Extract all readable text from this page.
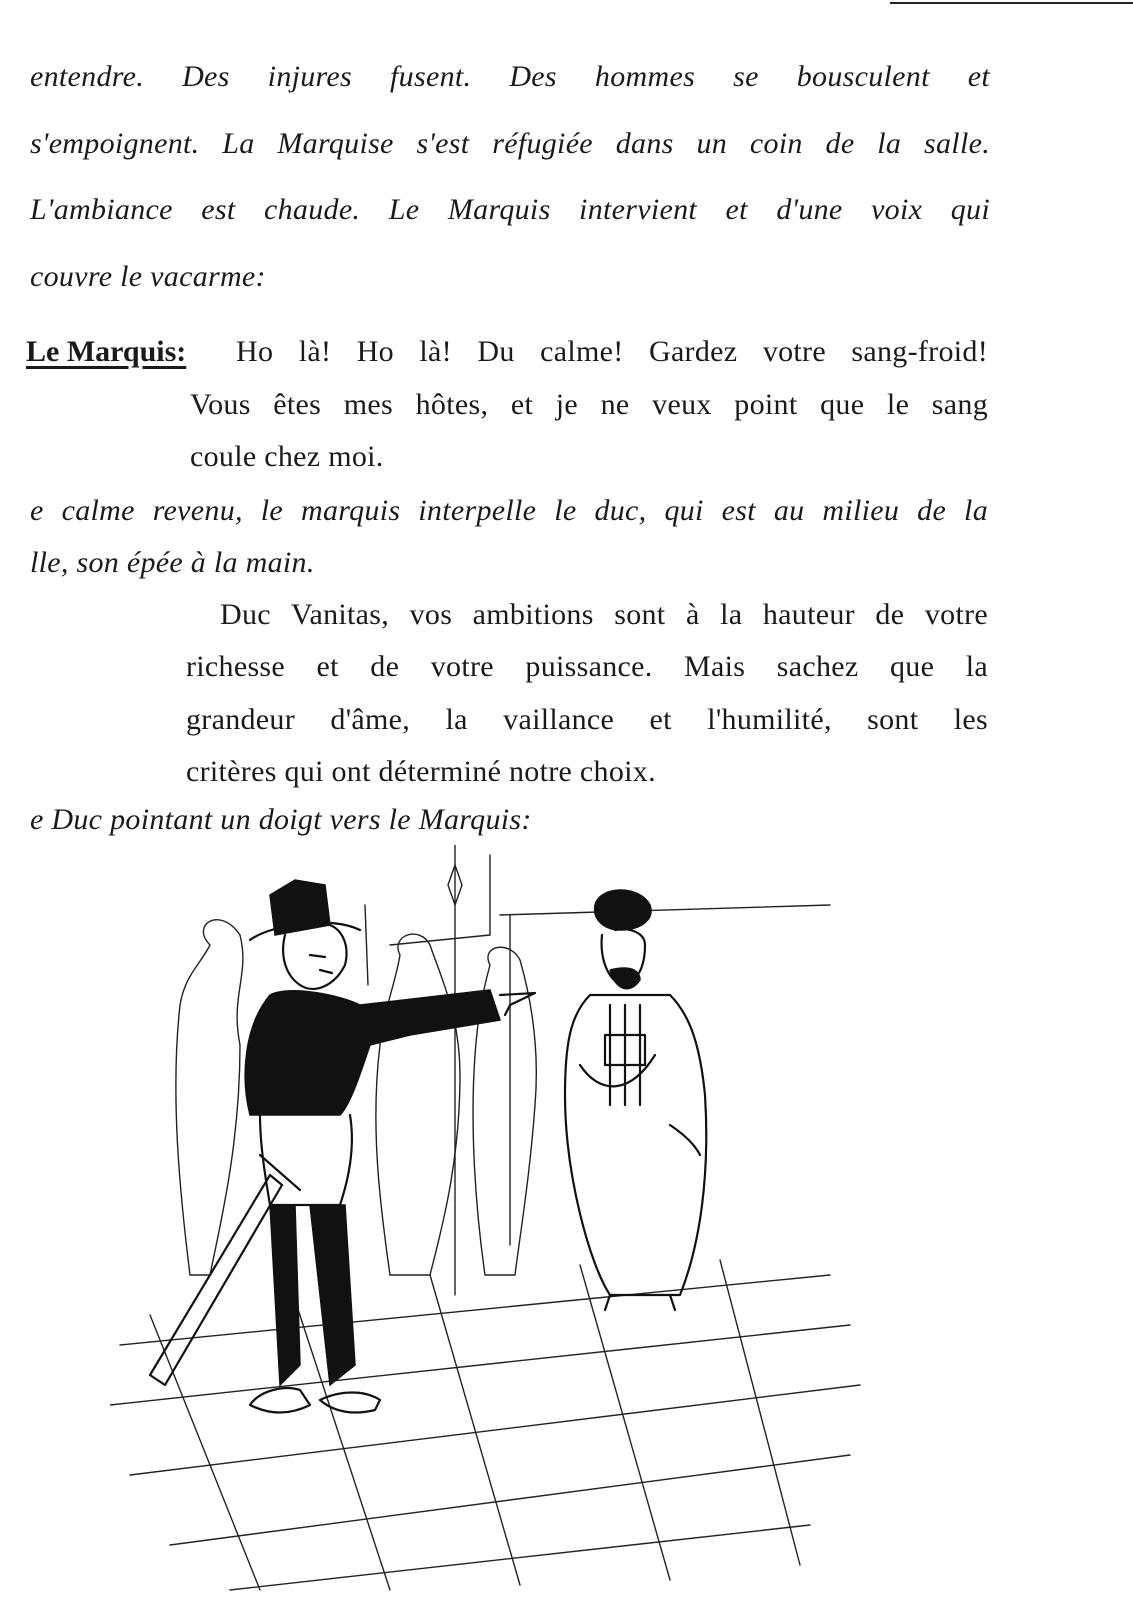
entendre. Des injures fusent. Des hommes se bousculent et

s'empoignent. La Marquise s'est réfugiée dans un coin de la salle.

L'ambiance est chaude. Le Marquis intervient et d'une voix qui

couvre le vacarme:

Le Marquis: Ho là! Ho là! Du calme! Gardez votre sang-froid!

Vous êtes mes hôtes, et je ne veux point que le sang

coule chez moi.

e calme revenu, le marquis interpelle le duc, qui est au milieu de la

lle, son épée à la main.

Duc Vanitas, vos ambitions sont à la hauteur de votre

richesse et de votre puissance. Mais sachez que la

grandeur d'âme, la vaillance et l'humilité, sont les

critères qui ont déterminé notre choix.

e Duc pointant un doigt vers le Marquis:
